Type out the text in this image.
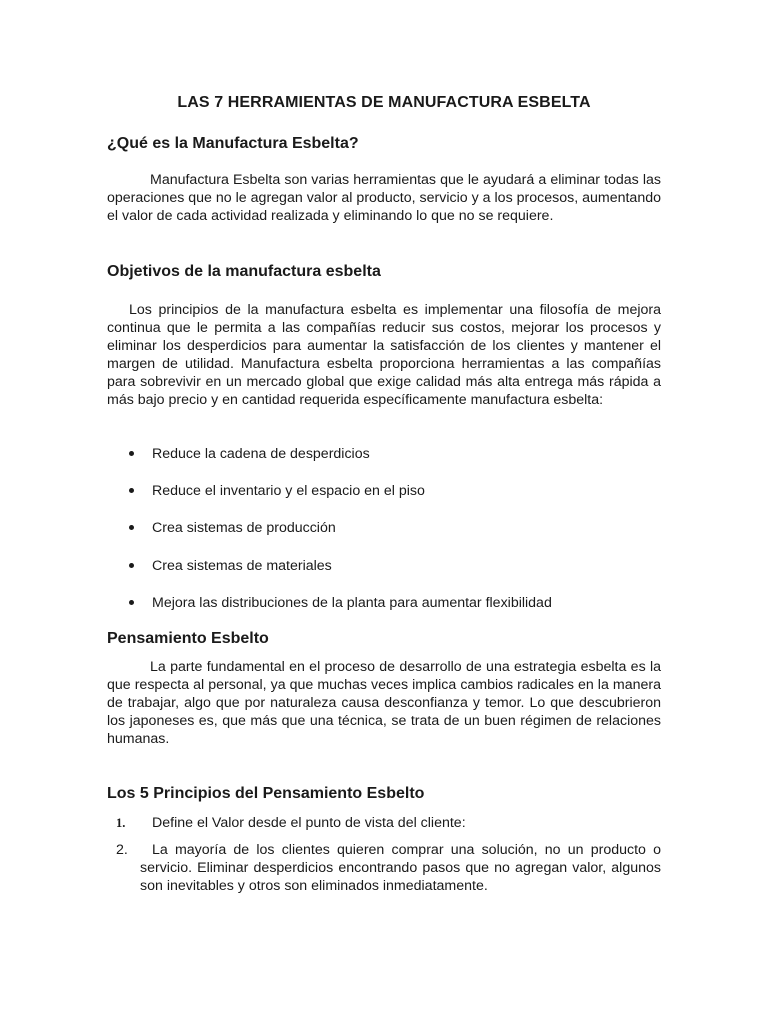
LAS 7 HERRAMIENTAS DE MANUFACTURA ESBELTA
¿Qué es la Manufactura Esbelta?

Manufactura Esbelta son varias herramientas que le ayudará a eliminar todas las operaciones que no le agregan valor al producto, servicio y a los procesos, aumentando el valor de cada actividad realizada y eliminando lo que no se requiere.

Objetivos de la manufactura esbelta

Los principios de la manufactura esbelta es implementar una filosofía de mejora continua que le permita a las compañías reducir sus costos, mejorar los procesos y eliminar los desperdicios para aumentar la satisfacción de los clientes y mantener el margen de utilidad. Manufactura esbelta proporciona herramientas a las compañías para sobrevivir en un mercado global que exige calidad más alta entrega más rápida a más bajo precio y en cantidad requerida específicamente manufactura esbelta:

Reduce la cadena de desperdicios
Reduce el inventario y el espacio en el piso
Crea sistemas de producción
Crea sistemas de materiales
Mejora las distribuciones de la planta para aumentar flexibilidad
Pensamiento Esbelto

La parte fundamental en el proceso de desarrollo de una estrategia esbelta es la que respecta al personal, ya que muchas veces implica cambios radicales en la manera de trabajar, algo que por naturaleza causa desconfianza y temor. Lo que descubrieron los japoneses es, que más que una técnica, se trata de un buen régimen de relaciones humanas.

Los 5 Principios del Pensamiento Esbelto
1. Define el Valor desde el punto de vista del cliente:
2.	La mayoría de los clientes quieren comprar una solución, no un producto o servicio. Eliminar desperdicios encontrando pasos que no agregan valor, algunos son inevitables y otros son eliminados inmediatamente.
